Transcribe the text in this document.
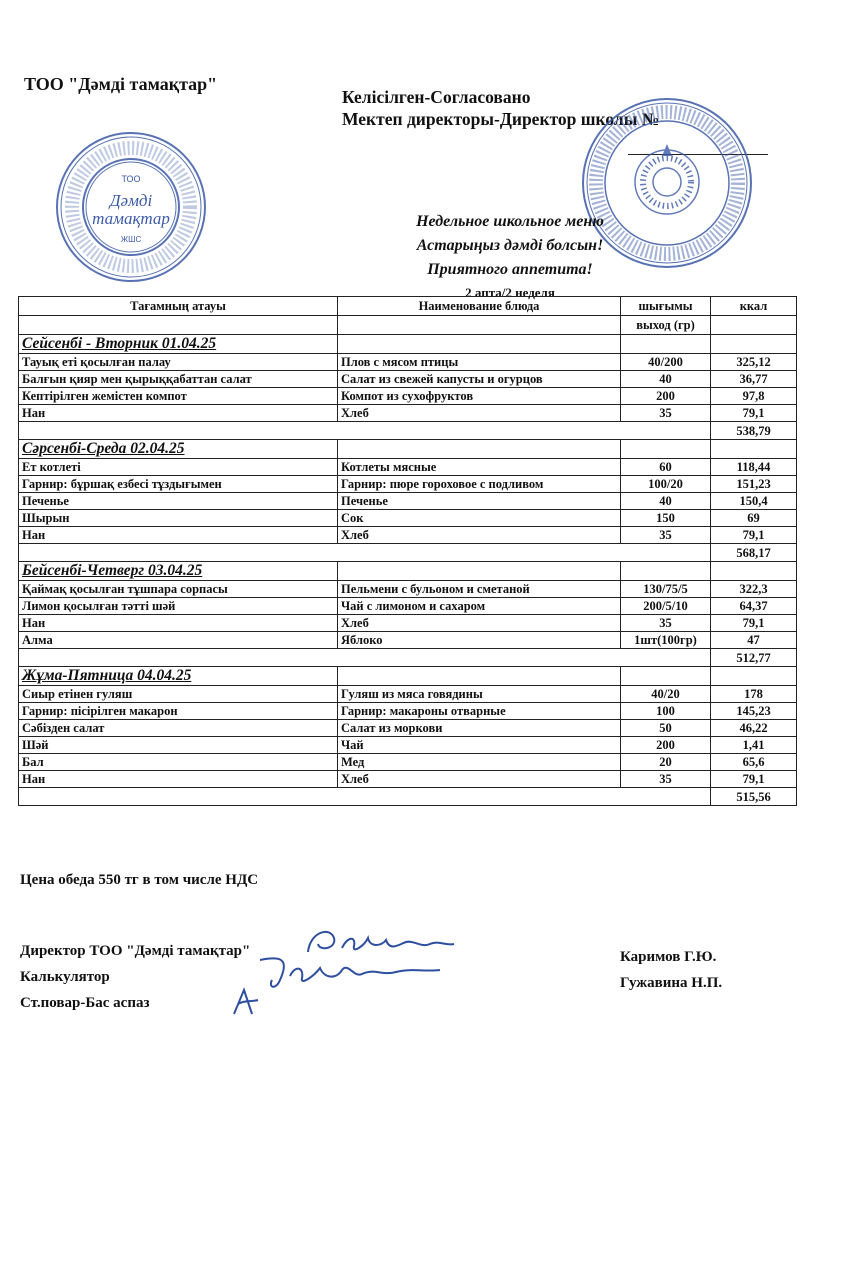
ТОО "Дәмді тамақтар"
Келісілген-Согласовано
Мектеп директоры-Директор школы №
ТОО
Дәмді
тамақтар
ЖШС
Недельное школьное меню
Астарыңыз дәмді болсын!
Приятного аппетита!
2 апта/2 неделя
Тағамның атауы	Наименование блюда	шығымы	ккал
		выход (гр)	
Сейсенбі - Вторник 01.04.25			
Тауық еті қосылған палау	Плов с мясом птицы	40/200	325,12
Балғын қияр мен қырыққабаттан салат	Салат из свежей капусты и огурцов	40	36,77
Кептірілген жемістен компот	Компот из сухофруктов	200	97,8
Нан	Хлеб	35	79,1
			538,79
Сәрсенбі-Среда 02.04.25			
Ет котлеті	Котлеты мясные	60	118,44
Гарнир: бұршақ езбесі тұздығымен	Гарнир: пюре гороховое с подливом	100/20	151,23
Печенье	Печенье	40	150,4
Шырын	Сок	150	69
Нан	Хлеб	35	79,1
			568,17
Бейсенбі-Четверг 03.04.25			
Қаймақ қосылған тұшпара сорпасы	Пельмени с бульоном и сметаной	130/75/5	322,3
Лимон қосылған тәтті шәй	Чай с лимоном и сахаром	200/5/10	64,37
Нан	Хлеб	35	79,1
Алма	Яблоко	1шт(100гр)	47
			512,77
Жұма-Пятница 04.04.25			
Сиыр етінен гуляш	Гуляш из мяса говядины	40/20	178
Гарнир: пісірілген макарон	Гарнир: макароны отварные	100	145,23
Сәбізден салат	Салат из моркови	50	46,22
Шәй	Чай	200	1,41
Бал	Мед	20	65,6
Нан	Хлеб	35	79,1
			515,56
Цена обеда 550 тг в том числе НДС
Директор ТОО "Дәмді тамақтар"
Калькулятор
Ст.повар-Бас аспаз
Каримов Г.Ю.
Гужавина Н.П.
